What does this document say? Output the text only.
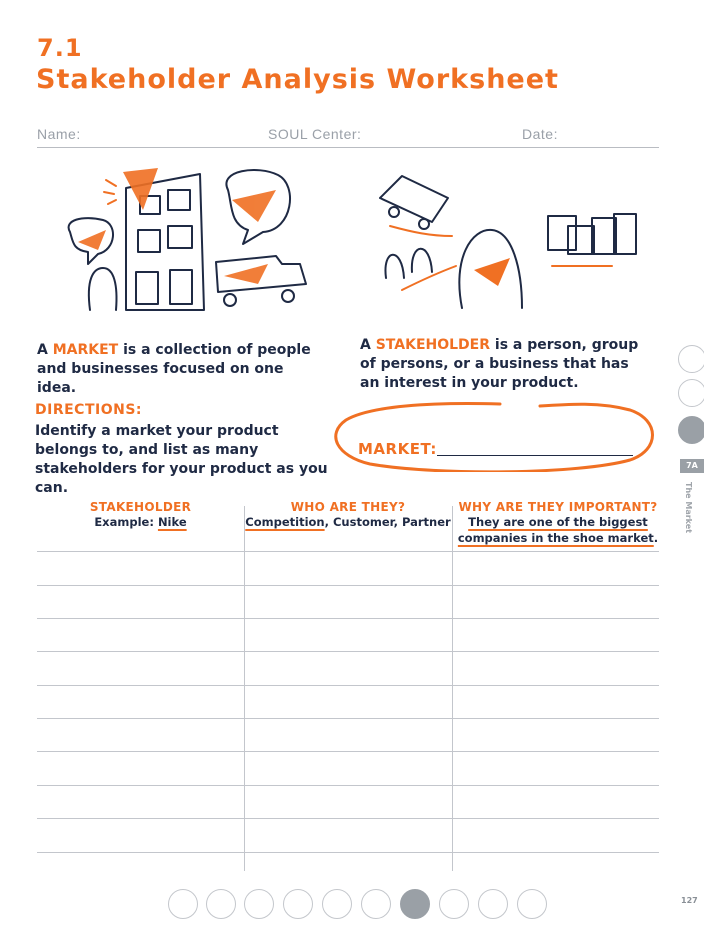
7.1
Stakeholder Analysis Worksheet
Name:	SOUL Center:	Date:
A MARKET is a collection of people and businesses focused on one idea.
A STAKEHOLDER is a person, group of persons, or a business that has an interest in your product.
DIRECTIONS:
Identify a market your product belongs to, and list as many stakeholders for your product as you can.
MARKET:
STAKEHOLDER
Example: Nike
WHO ARE THEY?
Competition, Customer, Partner
WHY ARE THEY IMPORTANT?
They are one of the biggest
companies in the shoe market.
7A
The Market
127
